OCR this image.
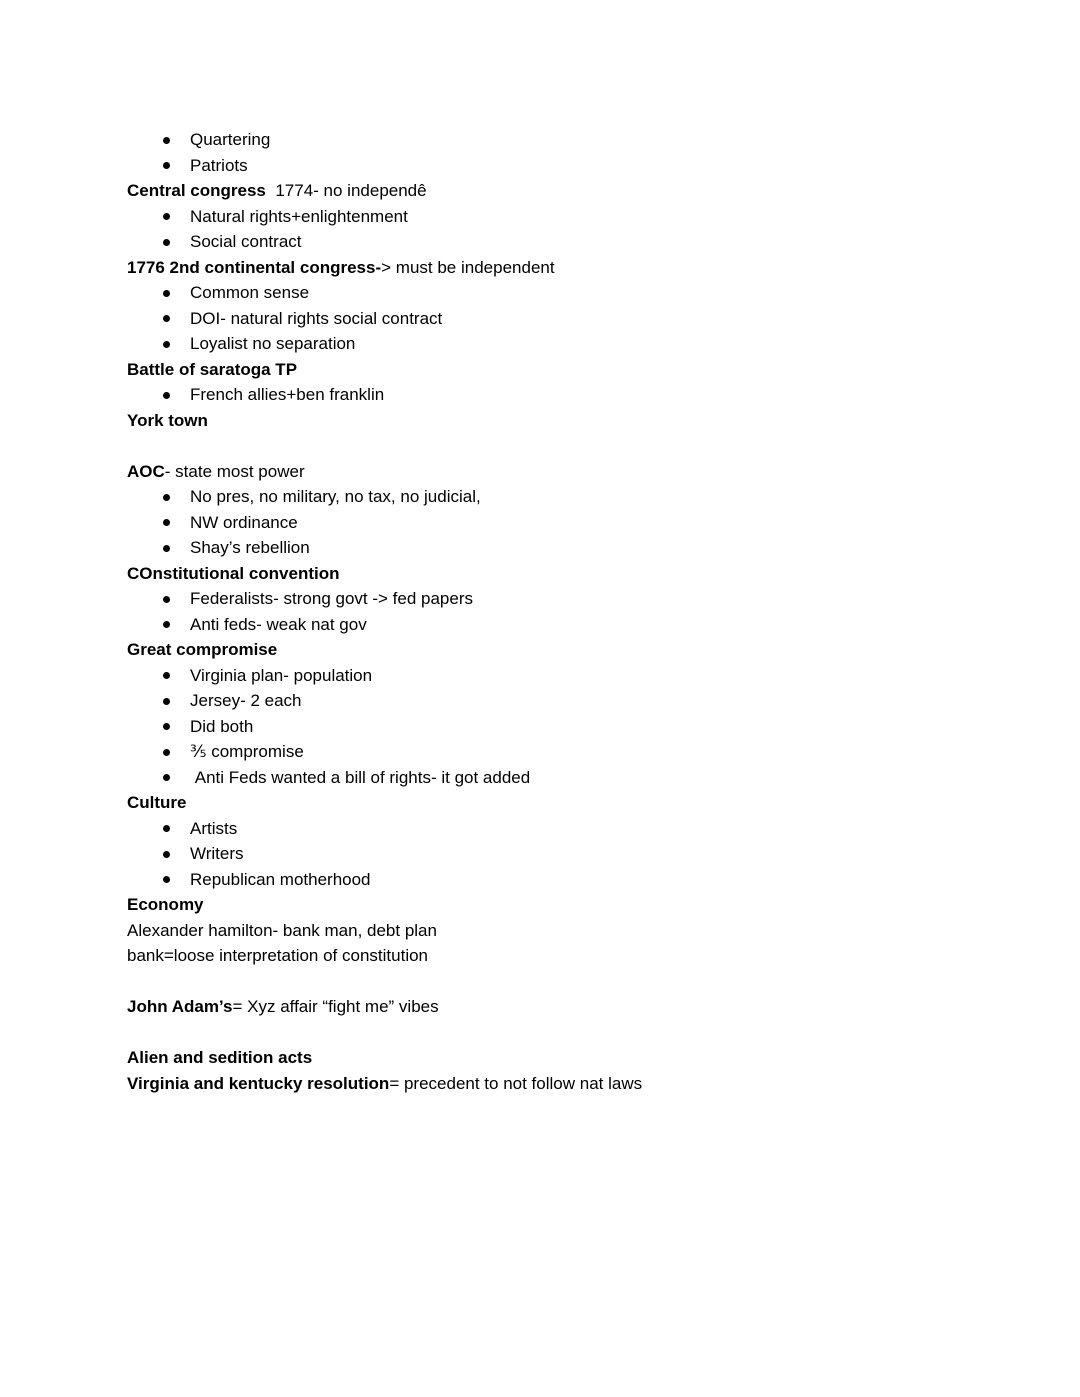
Quartering
Patriots
Central congress  1774- no independê
Natural rights+enlightenment
Social contract
1776 2nd continental congress-> must be independent
Common sense
DOI- natural rights social contract
Loyalist no separation
Battle of saratoga TP
French allies+ben franklin
York town
AOC- state most power
No pres, no military, no tax, no judicial,
NW ordinance
Shay’s rebellion
COnstitutional convention
Federalists- strong govt -> fed papers
Anti feds- weak nat gov
Great compromise
Virginia plan- population
Jersey- 2 each
Did both
⅗ compromise
Anti Feds wanted a bill of rights- it got added
Culture
Artists
Writers
Republican motherhood
Economy
Alexander hamilton- bank man, debt plan
bank=loose interpretation of constitution
John Adam’s= Xyz affair “fight me” vibes
Alien and sedition acts
Virginia and kentucky resolution= precedent to not follow nat laws
